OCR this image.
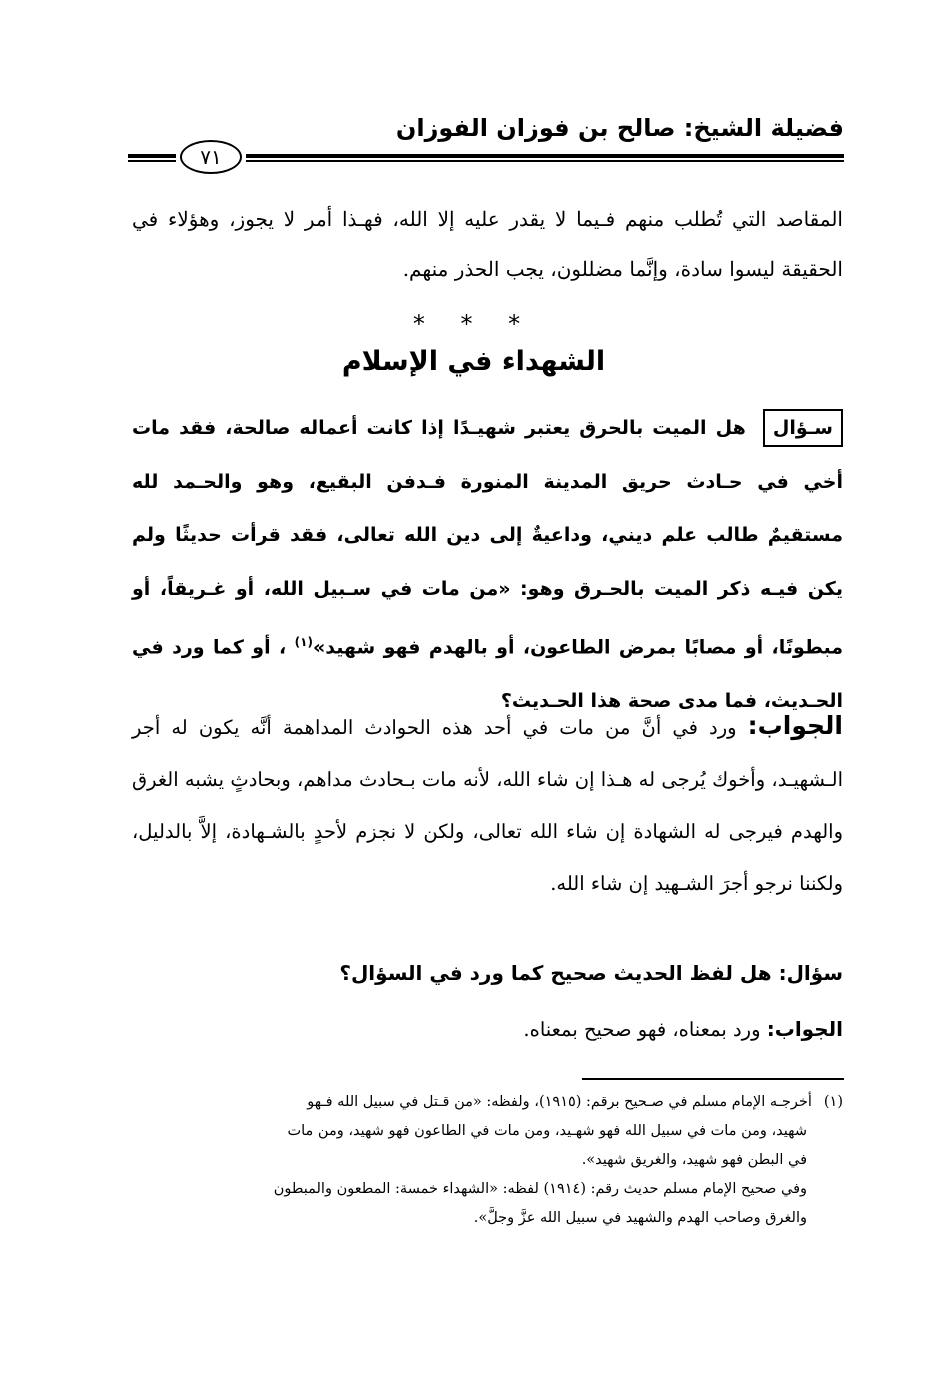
فضيلة الشيخ: صالح بن فوزان الفوزان
٧١
المقاصد التي تُطلب منهم فـيما لا يقدر عليه إلا الله، فهـذا أمر لا يجوز، وهؤلاء في الحقيقة ليسوا سادة، وإنَّما مضللون، يجب الحذر منهم.
* * *
الشهداء في الإسلام
سـؤال هل الميت بالحرق يعتبر شهيـدًا إذا كانت أعماله صالحة، فقد مات أخي في حـادث حريق المدينة المنورة فـدفن البقيع، وهو والحـمد لله مستقيمٌ طالب علم ديني، وداعيةٌ إلى دين الله تعالى، فقد قرأت حديثًا ولم يكن فيـه ذكر الميت بالحـرق وهو: «من مات في سـبيل الله، أو غـريقاً، أو مبطونًا، أو مصابًا بمرض الطاعون، أو بالهدم فهو شهيد»$^{(١)}$ ، أو كما ورد في الحـديث، فما مدى صحة هذا الحـديث؟
الجواب: ورد في أنَّ من مات في أحد هذه الحوادث المداهمة أنَّه يكون له أجر الـشهيـد، وأخوك يُرجى له هـذا إن شاء الله، لأنه مات بـحادث مداهم، وبحادثٍ يشبه الغرق والهدم فيرجى له الشهادة إن شاء الله تعالى، ولكن لا نجزم لأحدٍ بالشـهادة، إلاَّ بالدليل، ولكننا نرجو أجرَ الشـهيد إن شاء الله.
سؤال: هل لفظ الحديث صحيح كما ورد في السؤال؟
الجواب: ورد بمعناه، فهو صحيح بمعناه.
(١)أخرجـه الإمام مسلم في صـحيح برقم: (١٩١٥)، ولفظه: «من قـتل في سبيل الله فـهو
شهيد، ومن مات في سبيل الله فهو شهـيد، ومن مات في الطاعون فهو شهيد، ومن مات
في البطن فهو شهيد، والغريق شهيد».
وفي صحيح الإمام مسلم حديث رقم: (١٩١٤) لفظه: «الشهداء خمسة: المطعون والمبطون
والغرق وصاحب الهدم والشهيد في سبيل الله عزَّ وجلَّ».
